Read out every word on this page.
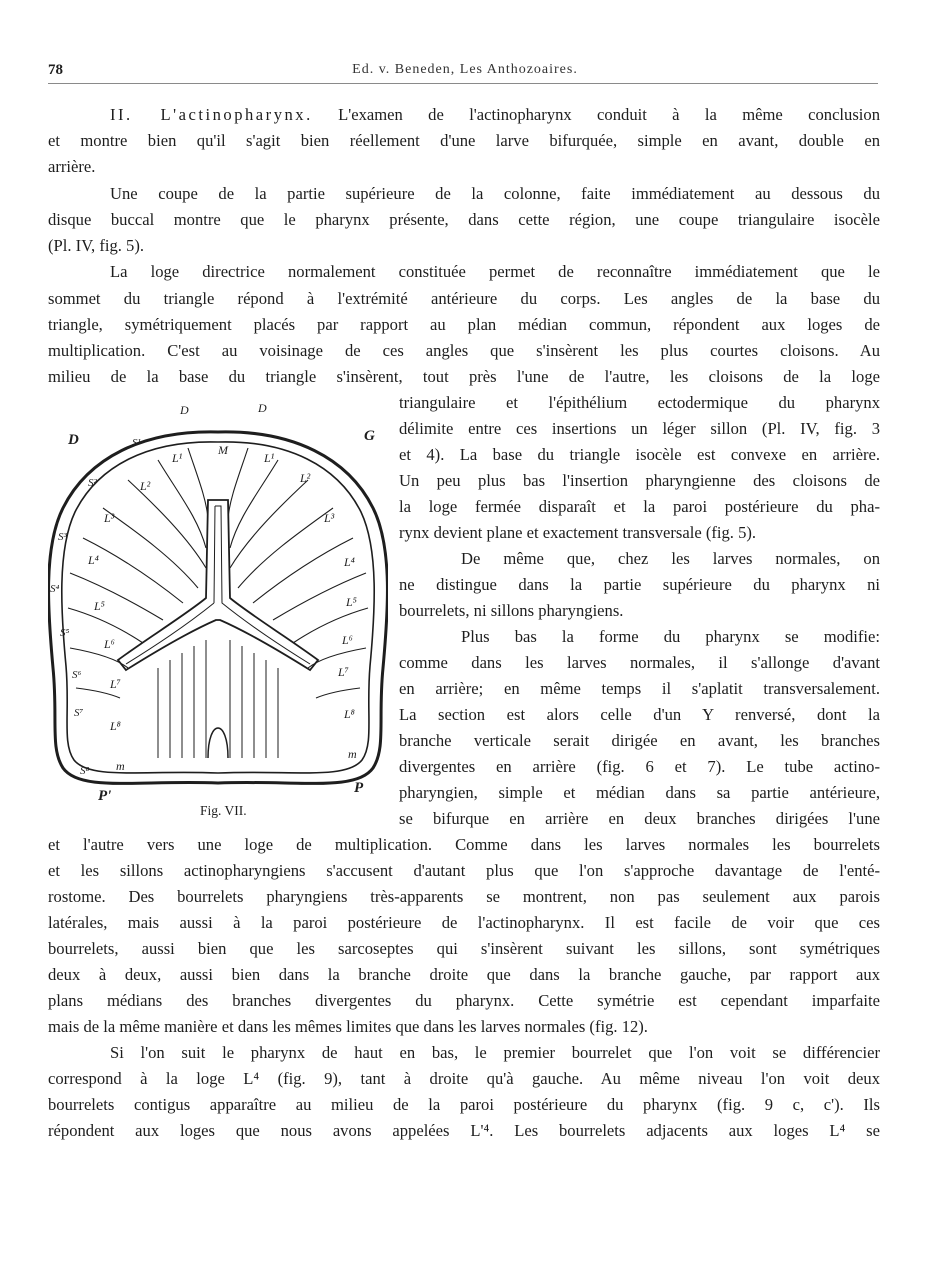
78	Ed. v. Beneden, Les Anthozoaires.
II. L'actinopharynx. L'examen de l'actinopharynx conduit à la même conclusion
et montre bien qu'il s'agit bien réellement d'une larve bifurquée, simple en avant, double en
arrière.
Une coupe de la partie supérieure de la colonne, faite immédiatement au dessous du
disque buccal montre que le pharynx présente, dans cette région, une coupe triangulaire isocèle
(Pl. IV, fig. 5).
La loge directrice normalement constituée permet de reconnaître immédiatement que le
sommet du triangle répond à l'extrémité antérieure du corps. Les angles de la base du
triangle, symétriquement placés par rapport au plan médian commun, répondent aux loges de
multiplication. C'est au voisinage de ces angles que s'insèrent les plus courtes cloisons. Au
milieu de la base du triangle s'insèrent, tout près l'une de l'autre, les cloisons de la loge
triangulaire et l'épithélium ectodermique du pharynx
délimite entre ces insertions un léger sillon (Pl. IV, fig. 3
et 4). La base du triangle isocèle est convexe en arrière.
Un peu plus bas l'insertion pharyngienne des cloisons de
la loge fermée disparaît et la paroi postérieure du pha-
rynx devient plane et exactement transversale (fig. 5).
De même que, chez les larves normales, on
ne distingue dans la partie supérieure du pharynx ni
bourrelets, ni sillons pharyngiens.
Plus bas la forme du pharynx se modifie:
comme dans les larves normales, il s'allonge d'avant
en arrière; en même temps il s'aplatit transversalement.
La section est alors celle d'un Y renversé, dont la
branche verticale serait dirigée en avant, les branches
divergentes en arrière (fig. 6 et 7). Le tube actino-
pharyngien, simple et médian dans sa partie antérieure,
se bifurque en arrière en deux branches dirigées l'une
et l'autre vers une loge de multiplication. Comme dans les larves normales les bourrelets
et les sillons actinopharyngiens s'accusent d'autant plus que l'on s'approche davantage de l'enté-
rostome. Des bourrelets pharyngiens très-apparents se montrent, non pas seulement aux parois
latérales, mais aussi à la paroi postérieure de l'actinopharynx. Il est facile de voir que ces
bourrelets, aussi bien que les sarcoseptes qui s'insèrent suivant les sillons, sont symétriques
deux à deux, aussi bien dans la branche droite que dans la branche gauche, par rapport aux
plans médians des branches divergentes du pharynx. Cette symétrie est cependant imparfaite
mais de la même manière et dans les mêmes limites que dans les larves normales (fig. 12).
Si l'on suit le pharynx de haut en bas, le premier bourrelet que l'on voit se différencier
correspond à la loge L⁴ (fig. 9), tant à droite qu'à gauche. Au même niveau l'on voit deux
bourrelets contigus apparaître au milieu de la paroi postérieure du pharynx (fig. 9 c, c'). Ils
répondent aux loges que nous avons appelées L'⁴. Les bourrelets adjacents aux loges L⁴ se
D	G
D	D
M
L¹	L¹
L²
L²
L³	L³
L⁴	L⁴
L⁵	L⁵
L⁶	L⁶
L⁷
L⁷
L⁸
L⁸
m
m
S¹
S²
S³
S⁴
S⁵
S⁶
S⁷
S⁸
P'	P
Fig. VII.
